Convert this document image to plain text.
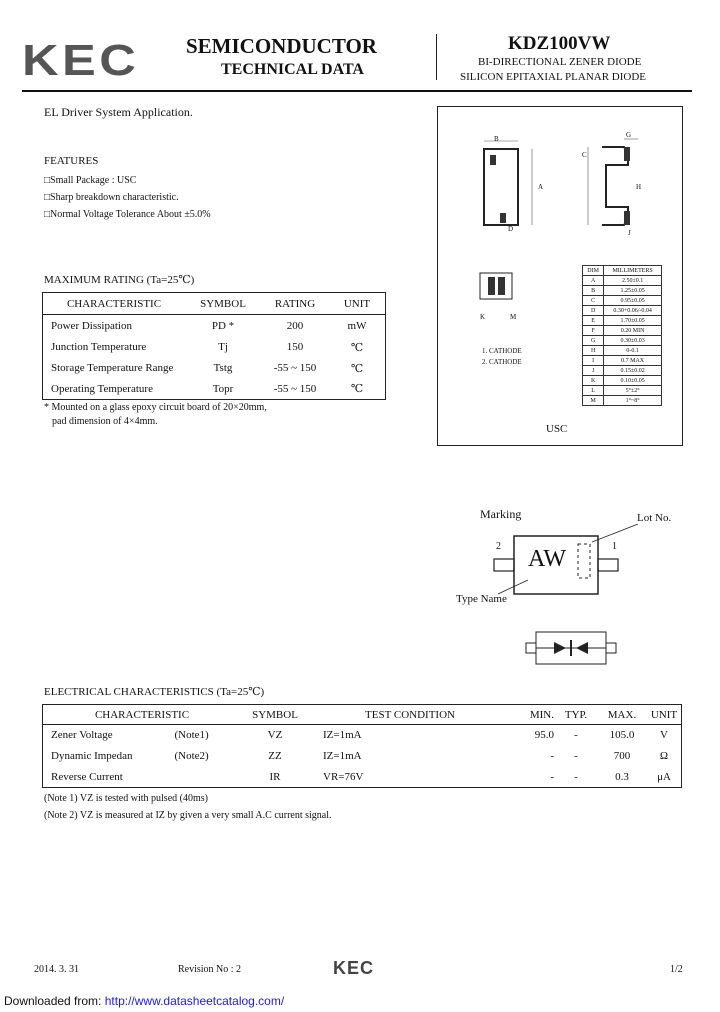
KEC SEMICONDUCTOR
TECHNICAL DATA
KDZ100VW
BI-DIRECTIONAL ZENER DIODE
SILICON EPITAXIAL PLANAR DIODE
EL Driver System Application.
FEATURES
□Small Package : USC
□Sharp breakdown characteristic.
□Normal Voltage Tolerance About ±5.0%
MAXIMUM RATING (Ta=25℃)
CHARACTERISTIC	SYMBOL	RATING	UNIT
Power Dissipation	PD *	200	mW
Junction Temperature	Tj	150	℃
Storage Temperature Range	Tstg	-55 ~ 150	℃
Operating Temperature	Topr	-55 ~ 150	℃
* Mounted on a glass epoxy circuit board of 20×20mm,
pad dimension of 4×4mm.
B
A
D
G
C
H
J
K	M
1. CATHODE
2. CATHODE
USC
DIM	MILLIMETERS
A	2.50±0.1
B	1.25±0.05
C	0.95±0.05
D	0.30+0.06/-0.04
E	1.70±0.05
F	0.20 MIN
G	0.30±0.03
H	0-0.1
I	0.7 MAX
J	0.15±0.02
K	0.10±0.05
L	5°±2°
M	1°~8°
Marking	Lot No.
AW
2	1
Type Name
ELECTRICAL CHARACTERISTICS (Ta=25℃)
CHARACTERISTIC	SYMBOL	TEST CONDITION	MIN.	TYP.	MAX.	UNIT
Zener Voltage (Note1)	VZ	IZ=1mA	95.0	-	105.0	V
Dynamic Impedan (Note2)	ZZ	IZ=1mA	-	-	700	Ω
Reverse Current	IR	VR=76V	-	-	0.3	μA
(Note 1) VZ is tested with pulsed (40ms)
(Note 2) VZ is measured at IZ by given a very small A.C current signal.
2014. 3. 31	Revision No : 2	KEC	1/2
Downloaded from: http://www.datasheetcatalog.com/
